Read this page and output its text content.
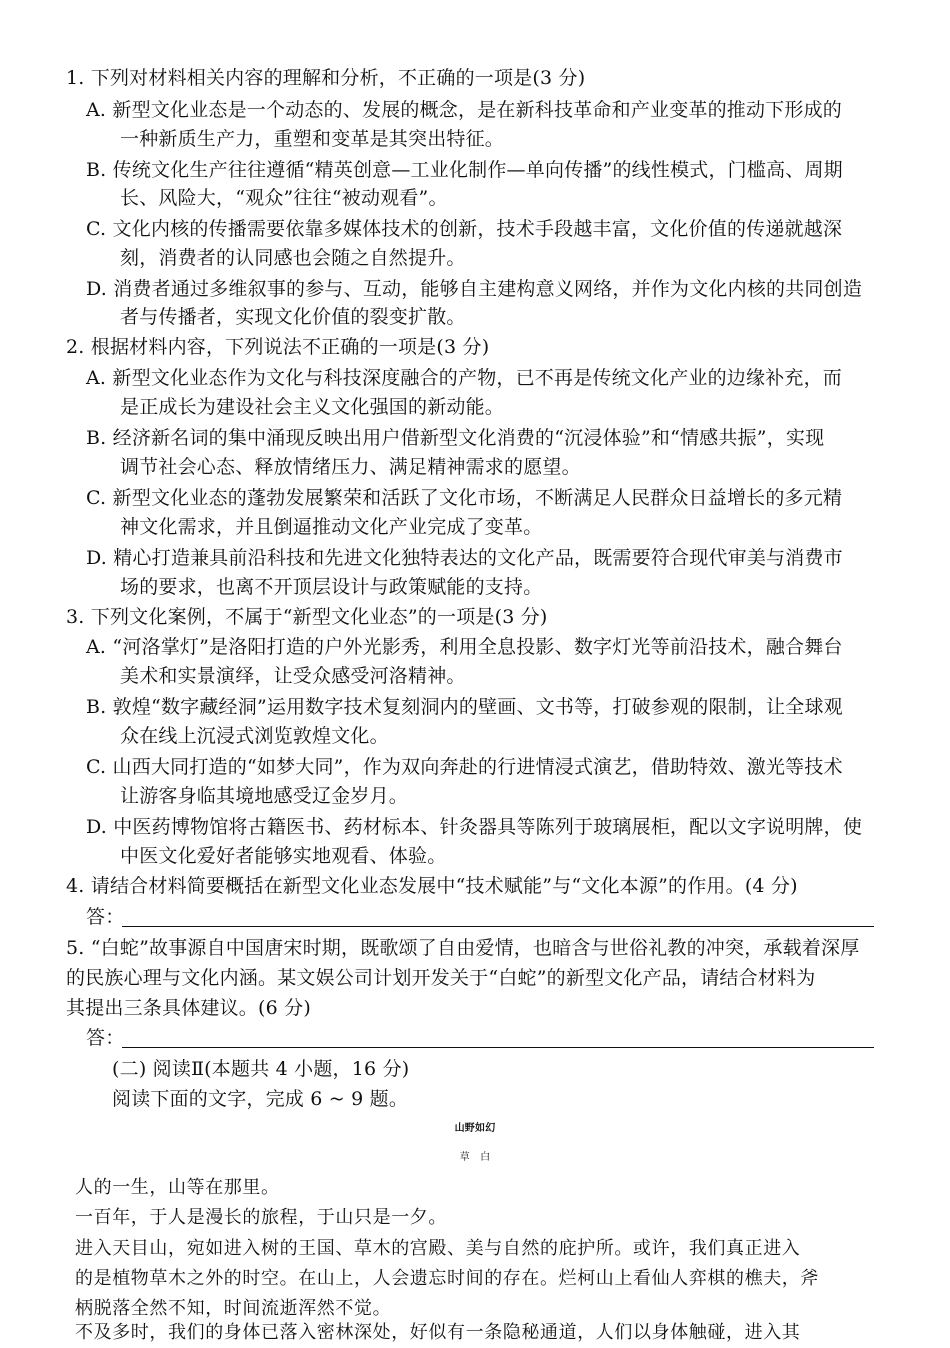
1. 下列对材料相关内容的理解和分析，不正确的一项是(3 分)
A. 新型文化业态是一个动态的、发展的概念，是在新科技革命和产业变革的推动下形成的
一种新质生产力，重塑和变革是其突出特征。
B. 传统文化生产往往遵循“精英创意—工业化制作—单向传播”的线性模式，门槛高、周期
长、风险大，“观众”往往“被动观看”。
C. 文化内核的传播需要依靠多媒体技术的创新，技术手段越丰富，文化价值的传递就越深
刻，消费者的认同感也会随之自然提升。
D. 消费者通过多维叙事的参与、互动，能够自主建构意义网络，并作为文化内核的共同创造
者与传播者，实现文化价值的裂变扩散。
2. 根据材料内容，下列说法不正确的一项是(3 分)
A. 新型文化业态作为文化与科技深度融合的产物，已不再是传统文化产业的边缘补充，而
是正成长为建设社会主义文化强国的新动能。
B. 经济新名词的集中涌现反映出用户借新型文化消费的“沉浸体验”和“情感共振”，实现
调节社会心态、释放情绪压力、满足精神需求的愿望。
C. 新型文化业态的蓬勃发展繁荣和活跃了文化市场，不断满足人民群众日益增长的多元精
神文化需求，并且倒逼推动文化产业完成了变革。
D. 精心打造兼具前沿科技和先进文化独特表达的文化产品，既需要符合现代审美与消费市
场的要求，也离不开顶层设计与政策赋能的支持。
3. 下列文化案例，不属于“新型文化业态”的一项是(3 分)
A. “河洛掌灯”是洛阳打造的户外光影秀，利用全息投影、数字灯光等前沿技术，融合舞台
美术和实景演绎，让受众感受河洛精神。
B. 敦煌“数字藏经洞”运用数字技术复刻洞内的壁画、文书等，打破参观的限制，让全球观
众在线上沉浸式浏览敦煌文化。
C. 山西大同打造的“如梦大同”，作为双向奔赴的行进情浸式演艺，借助特效、激光等技术
让游客身临其境地感受辽金岁月。
D. 中医药博物馆将古籍医书、药材标本、针灸器具等陈列于玻璃展柜，配以文字说明牌，使
中医文化爱好者能够实地观看、体验。
4. 请结合材料简要概括在新型文化业态发展中“技术赋能”与“文化本源”的作用。(4 分)
答：
5. “白蛇”故事源自中国唐宋时期，既歌颂了自由爱情，也暗含与世俗礼教的冲突，承载着深厚
的民族心理与文化内涵。某文娱公司计划开发关于“白蛇”的新型文化产品，请结合材料为
其提出三条具体建议。(6 分)
答：
(二) 阅读Ⅱ(本题共 4 小题，16 分)
阅读下面的文字，完成 6 ~ 9 题。
山野如幻
草　白
人的一生，山等在那里。
一百年，于人是漫长的旅程，于山只是一夕。
进入天目山，宛如进入树的王国、草木的宫殿、美与自然的庇护所。或许，我们真正进入
的是植物草木之外的时空。在山上，人会遗忘时间的存在。烂柯山上看仙人弈棋的樵夫，斧
柄脱落全然不知，时间流逝浑然不觉。
不及多时，我们的身体已落入密林深处，好似有一条隐秘通道，人们以身体触碰，进入其
